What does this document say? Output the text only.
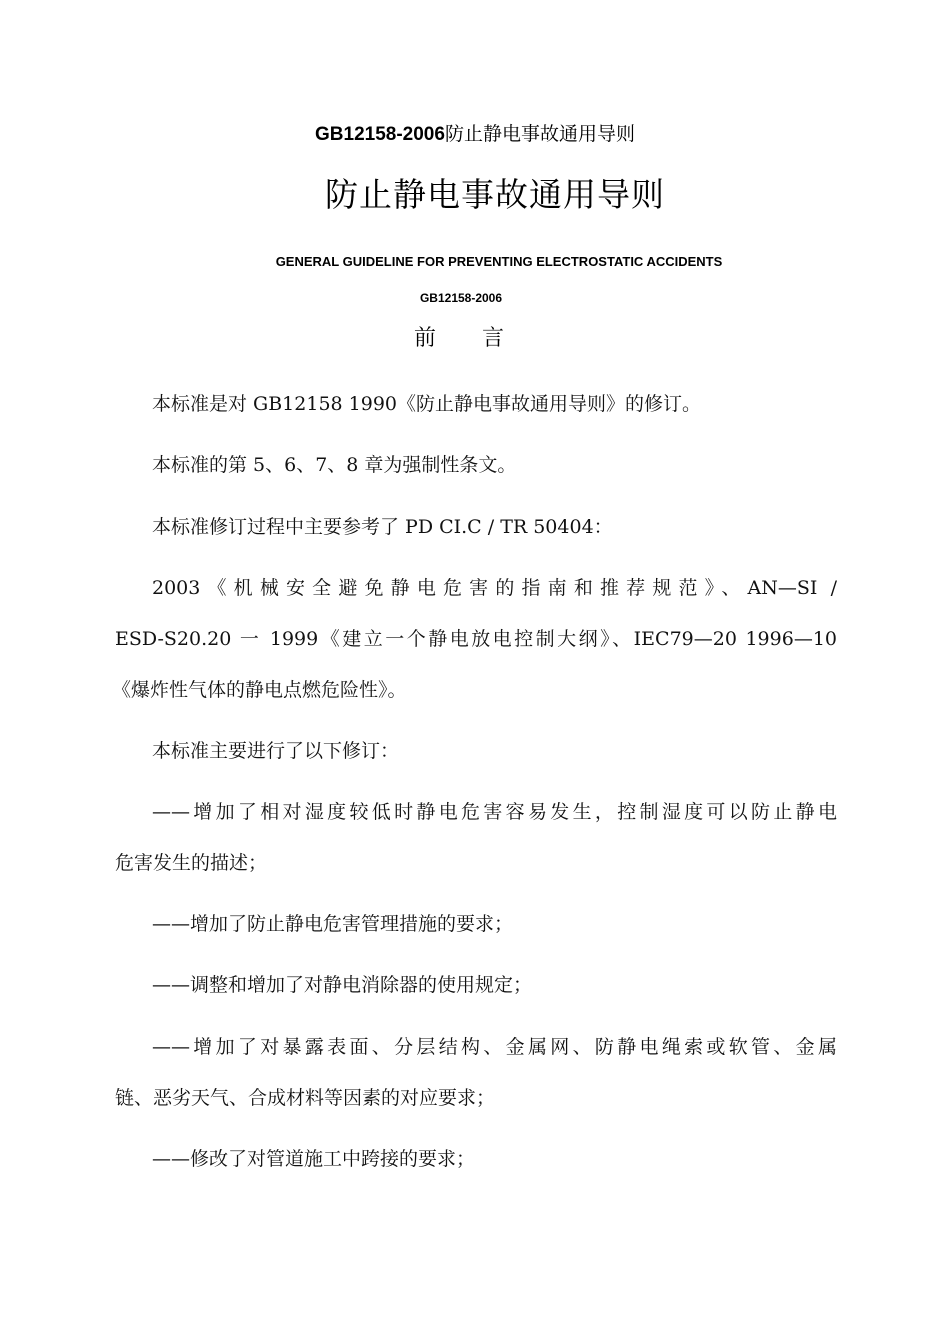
GB12158-2006防止静电事故通用导则
防止静电事故通用导则
GENERAL GUIDELINE FOR PREVENTING ELECTROSTATIC ACCIDENTS
GB12158-2006
前言
本标准是对 GB12158 1990《防止静电事故通用导则》的修订。
本标准的第 5、6、7、8 章为强制性条文。
本标准修订过程中主要参考了 PD CI.C / TR 50404：
2003《机械安全避免静电危害的指南和推荐规范》、AN—SI /
ESD-S20.20 一 1999《建立一个静电放电控制大纲》、IEC79—20 1996—10
《爆炸性气体的静电点燃危险性》。
本标准主要进行了以下修订：
——增加了相对湿度较低时静电危害容易发生，控制湿度可以防止静电
危害发生的描述；
——增加了防止静电危害管理措施的要求；
——调整和增加了对静电消除器的使用规定；
——增加了对暴露表面、分层结构、金属网、防静电绳索或软管、金属
链、恶劣天气、合成材料等因素的对应要求；
——修改了对管道施工中跨接的要求；
